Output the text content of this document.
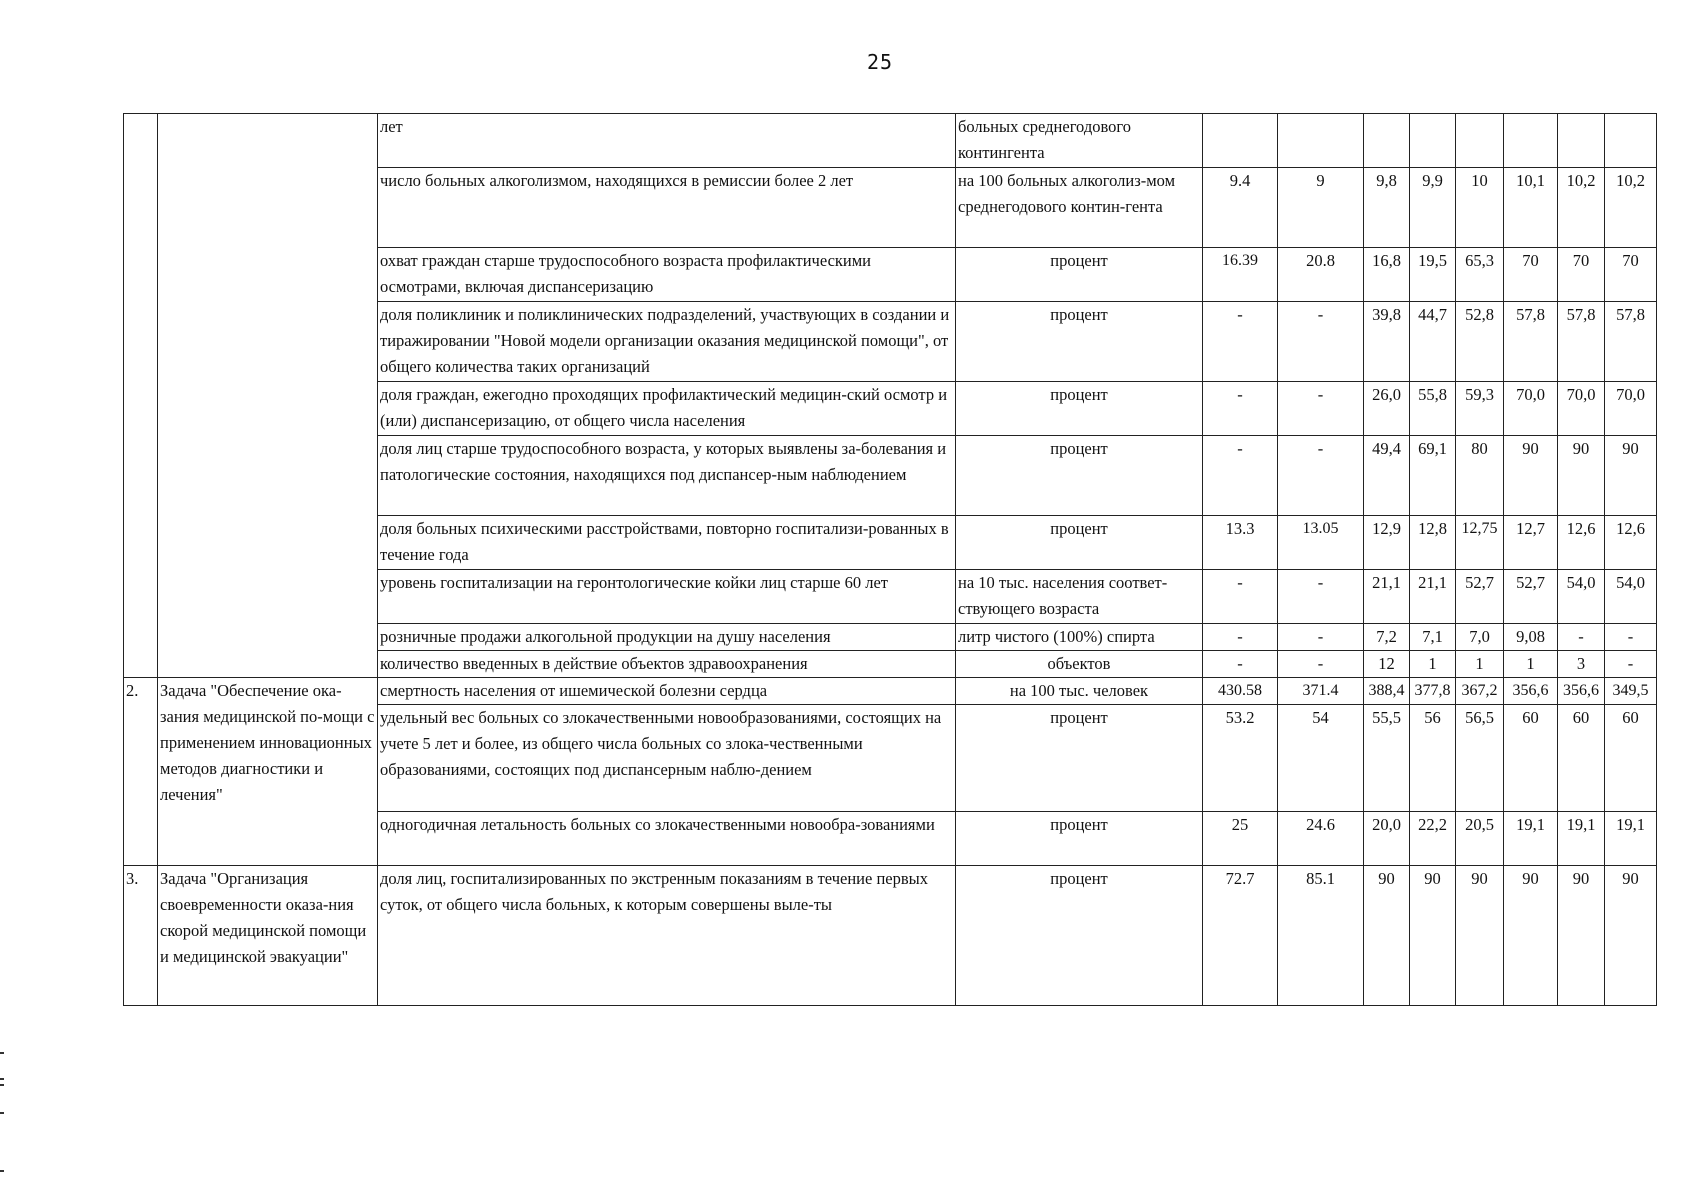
25
		лет	больных среднегодового контингента								
		число больных алкоголизмом, находящихся в ремиссии более 2 лет	на 100 больных алкоголиз-мом среднегодового контин-гента	9.4	9	9,8	9,9	10	10,1	10,2	10,2
		охват граждан старше трудоспособного возраста профилактическими осмотрами, включая диспансеризацию	процент	16.39	20.8	16,8	19,5	65,3	70	70	70
		доля поликлиник и поликлинических подразделений, участвующих в создании и тиражировании "Новой модели организации оказания медицинской помощи", от общего количества таких организаций	процент	-	-	39,8	44,7	52,8	57,8	57,8	57,8
		доля граждан, ежегодно проходящих профилактический медицин-ский осмотр и (или) диспансеризацию, от общего числа населения	процент	-	-	26,0	55,8	59,3	70,0	70,0	70,0
		доля лиц старше трудоспособного возраста, у которых выявлены за-болевания и патологические состояния, находящихся под диспансер-ным наблюдением	процент	-	-	49,4	69,1	80	90	90	90
		доля больных психическими расстройствами, повторно госпитализи-рованных в течение года	процент	13.3	13.05	12,9	12,8	12,75	12,7	12,6	12,6
		уровень госпитализации на геронтологические койки лиц старше 60 лет	на 10 тыс. населения соответ-ствующего возраста	-	-	21,1	21,1	52,7	52,7	54,0	54,0
		розничные продажи алкогольной продукции на душу населения	литр чистого (100%) спирта	-	-	7,2	7,1	7,0	9,08	-	-
		количество введенных в действие объектов здравоохранения	объектов	-	-	12	1	1	1	3	-
2.	Задача "Обеспечение ока-зания медицинской по-мощи с применением инновационных методов диагностики и лечения"	смертность населения от ишемической болезни сердца	на 100 тыс. человек	430.58	371.4	388,4	377,8	367,2	356,6	356,6	349,5
		удельный вес больных со злокачественными новообразованиями, состоящих на учете 5 лет и более, из общего числа больных со злока-чественными образованиями, состоящих под диспансерным наблю-дением	процент	53.2	54	55,5	56	56,5	60	60	60
		одногодичная летальность больных со злокачественными новообра-зованиями	процент	25	24.6	20,0	22,2	20,5	19,1	19,1	19,1
3.	Задача "Организация своевременности оказа-ния скорой медицинской помощи и медицинской эвакуации"	доля лиц, госпитализированных по экстренным показаниям в течение первых суток, от общего числа больных, к которым совершены выле-ты	процент	72.7	85.1	90	90	90	90	90	90
